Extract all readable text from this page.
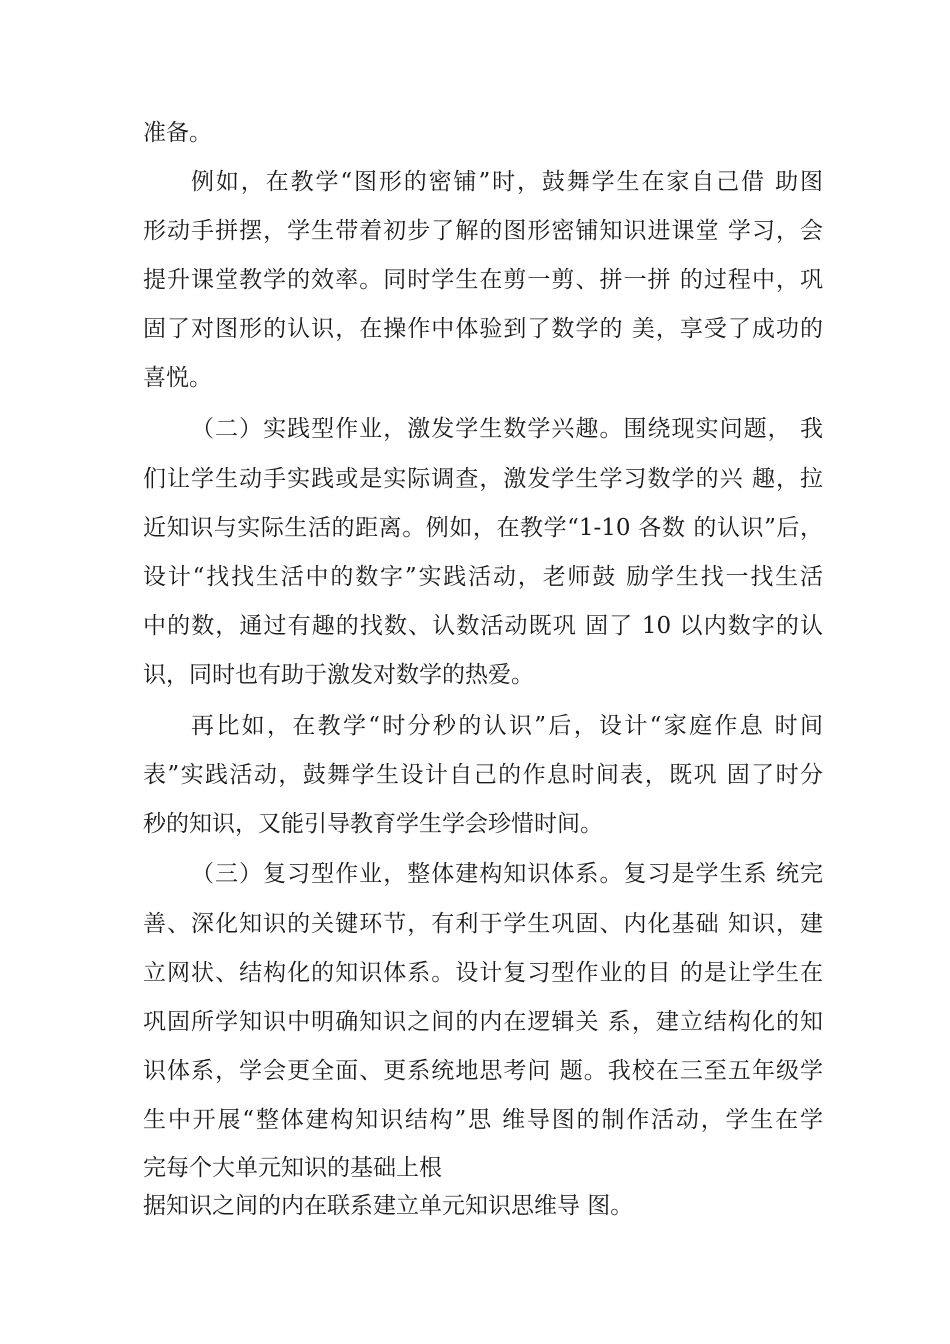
准备。
例如，在教学“图形的密铺”时，鼓舞学生在家自己借 助图
形动手拼摆，学生带着初步了解的图形密铺知识进课堂 学习，会
提升课堂教学的效率。同时学生在剪一剪、拼一拼 的过程中，巩
固了对图形的认识，在操作中体验到了数学的 美，享受了成功的
喜悦。
（二）实践型作业，激发学生数学兴趣。围绕现实问题， 我
们让学生动手实践或是实际调查，激发学生学习数学的兴 趣，拉
近知识与实际生活的距离。例如，在教学“1-10 各数 的认识”后，
设计“找找生活中的数字”实践活动，老师鼓 励学生找一找生活
中的数，通过有趣的找数、认数活动既巩 固了 10 以内数字的认
识，同时也有助于激发对数学的热爱。
再比如，在教学“时分秒的认识”后，设计“家庭作息 时间
表”实践活动，鼓舞学生设计自己的作息时间表，既巩 固了时分
秒的知识，又能引导教育学生学会珍惜时间。
（三）复习型作业，整体建构知识体系。复习是学生系 统完
善、深化知识的关键环节，有利于学生巩固、内化基础 知识，建
立网状、结构化的知识体系。设计复习型作业的目 的是让学生在
巩固所学知识中明确知识之间的内在逻辑关 系，建立结构化的知
识体系，学会更全面、更系统地思考问 题。我校在三至五年级学
生中开展“整体建构知识结构”思 维导图的制作活动，学生在学
完每个大单元知识的基础上根
据知识之间的内在联系建立单元知识思维导 图。
